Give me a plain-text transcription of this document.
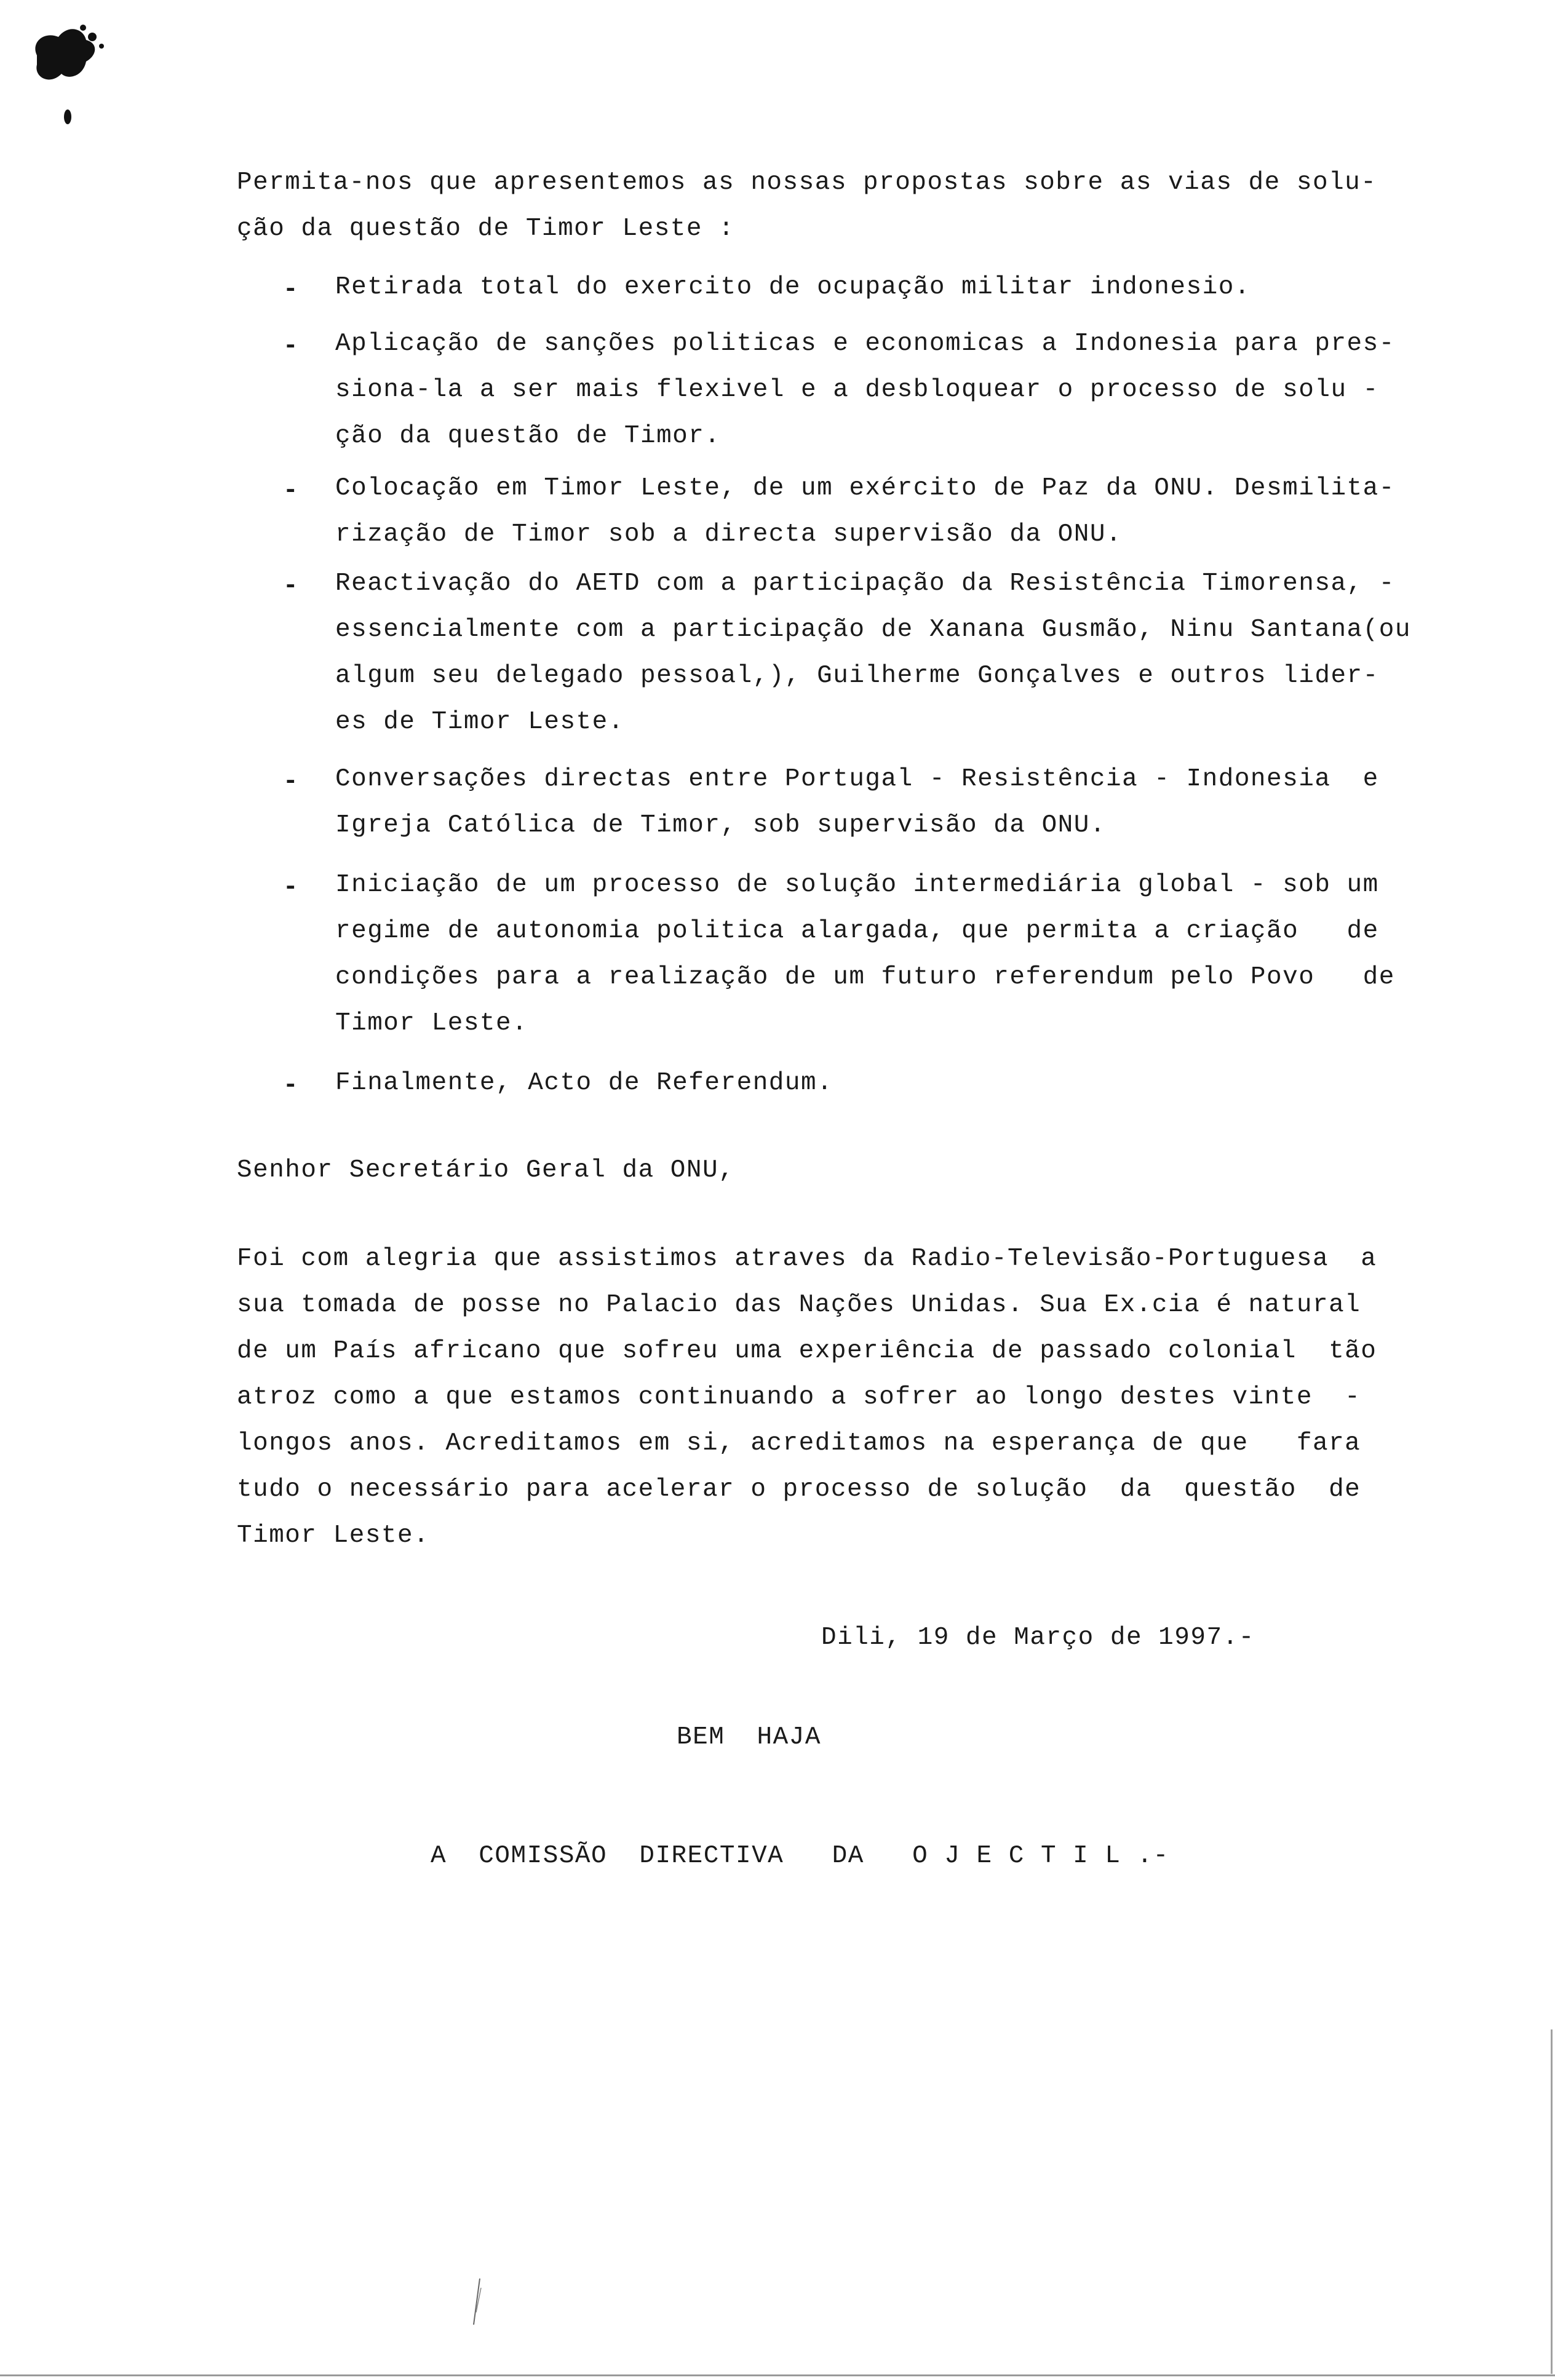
Permita-nos que apresentemos as nossas propostas sobre as vias de solu-
ção da questão de Timor Leste :
- Retirada total do exercito de ocupação militar indonesio.
- Aplicação de sanções politicas e economicas a Indonesia para pres-
siona-la a ser mais flexivel e a desbloquear o processo de solu -
ção da questão de Timor.
- Colocação em Timor Leste, de um exército de Paz da ONU. Desmilita-
rização de Timor sob a directa supervisão da ONU.
- Reactivação do AETD com a participação da Resistência Timorensa, -
essencialmente com a participação de Xanana Gusmão, Ninu Santana(ou
algum seu delegado pessoal,), Guilherme Gonçalves e outros lider-
es de Timor Leste.
- Conversações directas entre Portugal - Resistência - Indonesia  e
Igreja Católica de Timor, sob supervisão da ONU.
- Iniciação de um processo de solução intermediária global - sob um
regime de autonomia politica alargada, que permita a criação   de
condições para a realização de um futuro referendum pelo Povo   de
Timor Leste.
- Finalmente, Acto de Referendum.
Senhor Secretário Geral da ONU,
Foi com alegria que assistimos atraves da Radio-Televisão-Portuguesa  a
sua tomada de posse no Palacio das Nações Unidas. Sua Ex.cia é natural
de um País africano que sofreu uma experiência de passado colonial  tão
atroz como a que estamos continuando a sofrer ao longo destes vinte  -
longos anos. Acreditamos em si, acreditamos na esperança de que   fara
tudo o necessário para acelerar o processo de solução  da  questão  de
Timor Leste.
Dili, 19 de Março de 1997.-
BEM  HAJA
A  COMISSÃO  DIRECTIVA   DA   O J E C T I L .-
